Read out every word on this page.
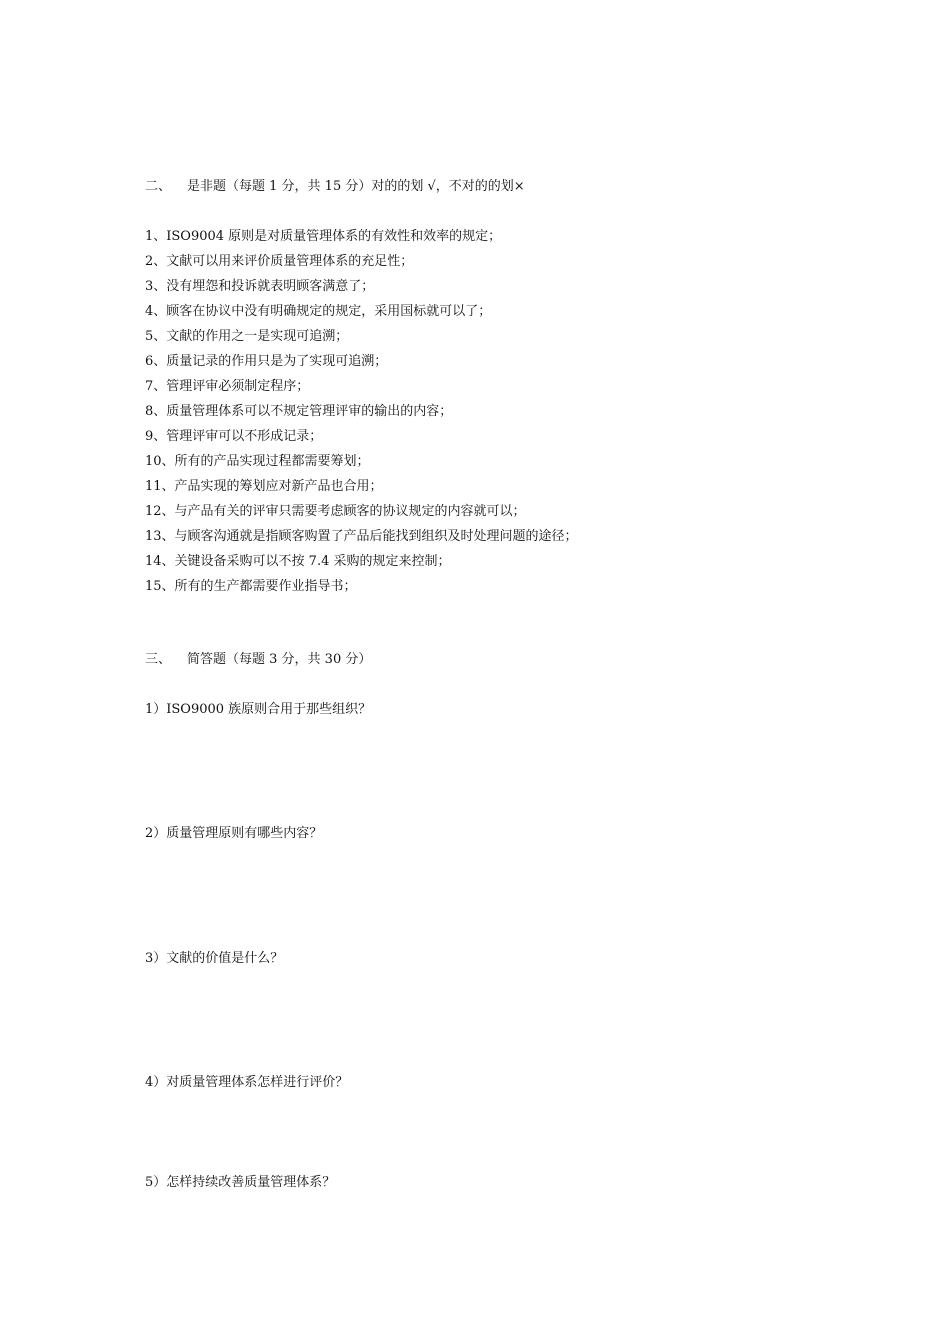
二、 是非题（每题 1 分，共 15 分）对的的划 √，不对的的划×
1、ISO9004 原则是对质量管理体系的有效性和效率的规定；
2、文献可以用来评价质量管理体系的充足性；
3、没有埋怨和投诉就表明顾客满意了；
4、顾客在协议中没有明确规定的规定，采用国标就可以了；
5、文献的作用之一是实现可追溯；
6、质量记录的作用只是为了实现可追溯；
7、管理评审必须制定程序；
8、质量管理体系可以不规定管理评审的输出的内容；
9、管理评审可以不形成记录；
10、所有的产品实现过程都需要筹划；
11、产品实现的筹划应对新产品也合用；
12、与产品有关的评审只需要考虑顾客的协议规定的内容就可以；
13、与顾客沟通就是指顾客购置了产品后能找到组织及时处理问题的途径；
14、关键设备采购可以不按 7.4 采购的规定来控制；
15、所有的生产都需要作业指导书；
三、 简答题（每题 3 分，共 30 分）
1）ISO9000 族原则合用于那些组织？
2）质量管理原则有哪些内容？
3）文献的价值是什么？
4）对质量管理体系怎样进行评价？
5）怎样持续改善质量管理体系？
